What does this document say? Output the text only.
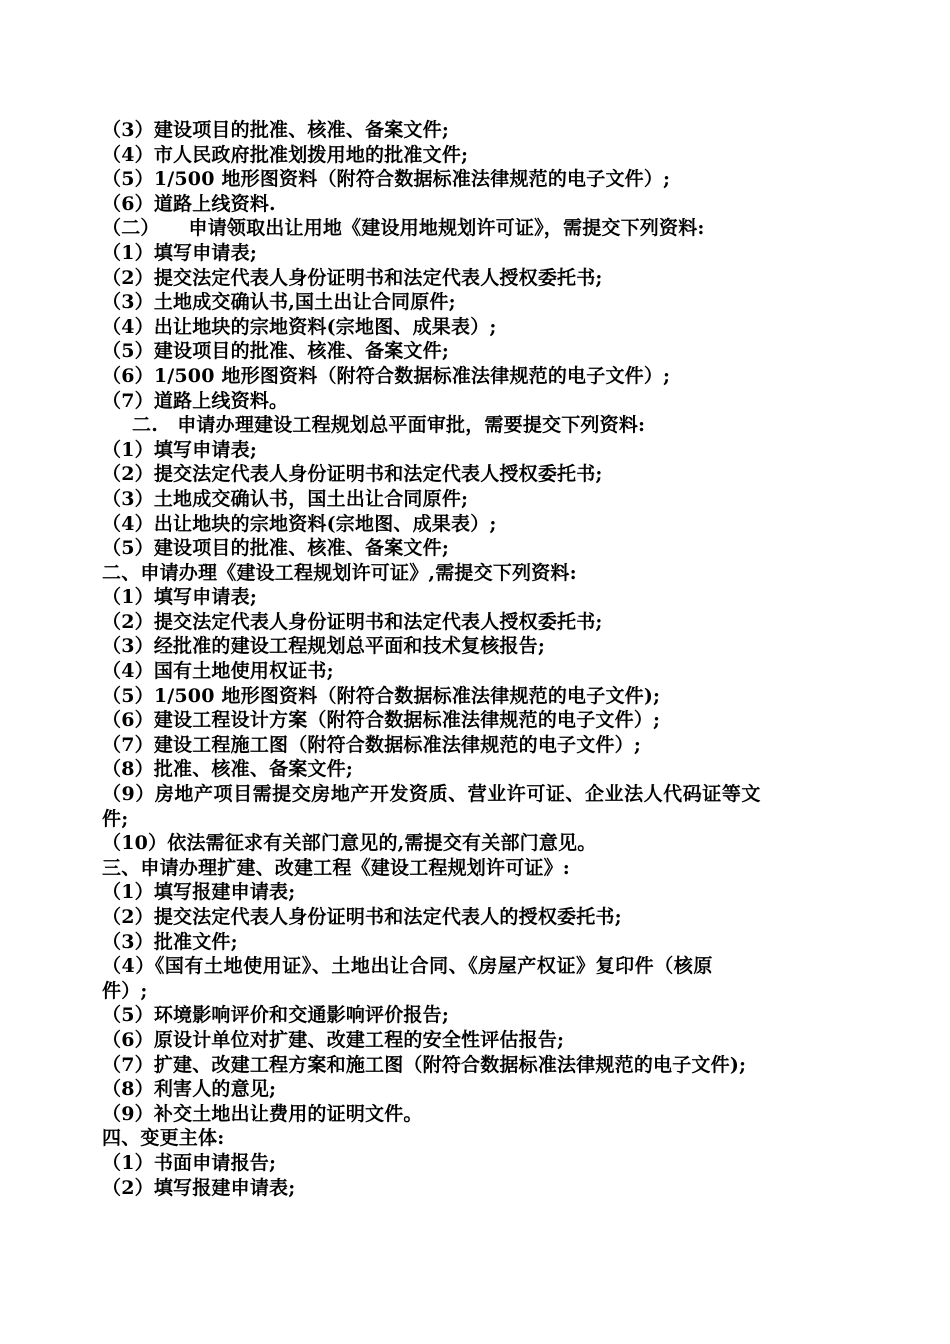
（3）建设项目的批准、核准、备案文件;
（4）市人民政府批准划拨用地的批准文件;
（5）1/500 地形图资料（附符合数据标准法律规范的电子文件）;
（6）道路上线资料.
（二）　　申请领取出让用地《建设用地规划许可证》，需提交下列资料:
（1）填写申请表;
（2）提交法定代表人身份证明书和法定代表人授权委托书;
（3）土地成交确认书,国土出让合同原件;
（4）出让地块的宗地资料(宗地图、成果表）;
（5）建设项目的批准、核准、备案文件;
（6）1/500 地形图资料（附符合数据标准法律规范的电子文件）;
（7）道路上线资料。
二.　申请办理建设工程规划总平面审批，需要提交下列资料:
（1）填写申请表;
（2）提交法定代表人身份证明书和法定代表人授权委托书;
（3）土地成交确认书，国土出让合同原件;
（4）出让地块的宗地资料(宗地图、成果表）;
（5）建设项目的批准、核准、备案文件;
二、申请办理《建设工程规划许可证》,需提交下列资料:
（1）填写申请表;
（2）提交法定代表人身份证明书和法定代表人授权委托书;
（3）经批准的建设工程规划总平面和技术复核报告;
（4）国有土地使用权证书;
（5）1/500 地形图资料（附符合数据标准法律规范的电子文件);
（6）建设工程设计方案（附符合数据标准法律规范的电子文件）;
（7）建设工程施工图（附符合数据标准法律规范的电子文件）;
（8）批准、核准、备案文件;
（9）房地产项目需提交房地产开发资质、营业许可证、企业法人代码证等文
件;
（10）依法需征求有关部门意见的,需提交有关部门意见。
三、申请办理扩建、改建工程《建设工程规划许可证》:
（1）填写报建申请表;
（2）提交法定代表人身份证明书和法定代表人的授权委托书;
（3）批准文件;
（4）《国有土地使用证》、土地出让合同、《房屋产权证》复印件（核原
件）;
（5）环境影响评价和交通影响评价报告;
（6）原设计单位对扩建、改建工程的安全性评估报告;
（7）扩建、改建工程方案和施工图（附符合数据标准法律规范的电子文件);
（8）利害人的意见;
（9）补交土地出让费用的证明文件。
四、变更主体:
（1）书面申请报告;
（2）填写报建申请表;
